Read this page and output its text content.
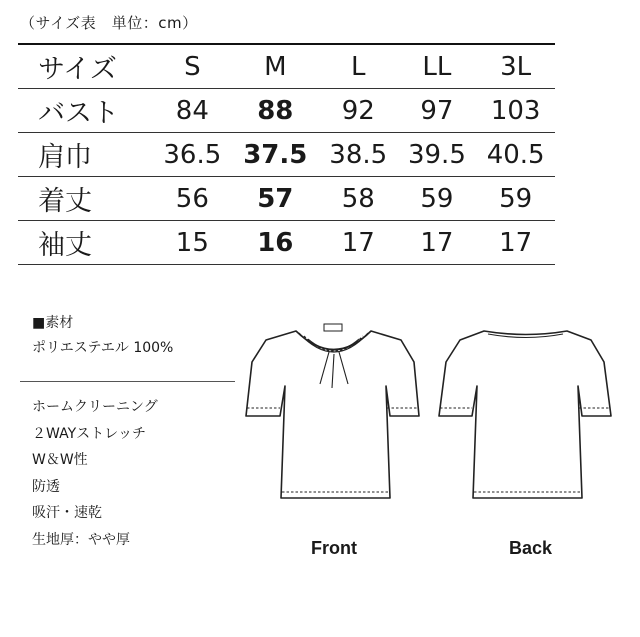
（サイズ表　単位：cm）
サイズ	S	M	L	LL	3L
バスト	84	88	92	97	103
肩巾	36.5	37.5	38.5	39.5	40.5
着丈	56	57	58	59	59
袖丈	15	16	17	17	17
■素材
ポリエステエル 100%
ホームクリーニング
２WAYストレッチ
W＆W性
防透
吸汗・速乾
生地厚：やや厚	Front	Back
